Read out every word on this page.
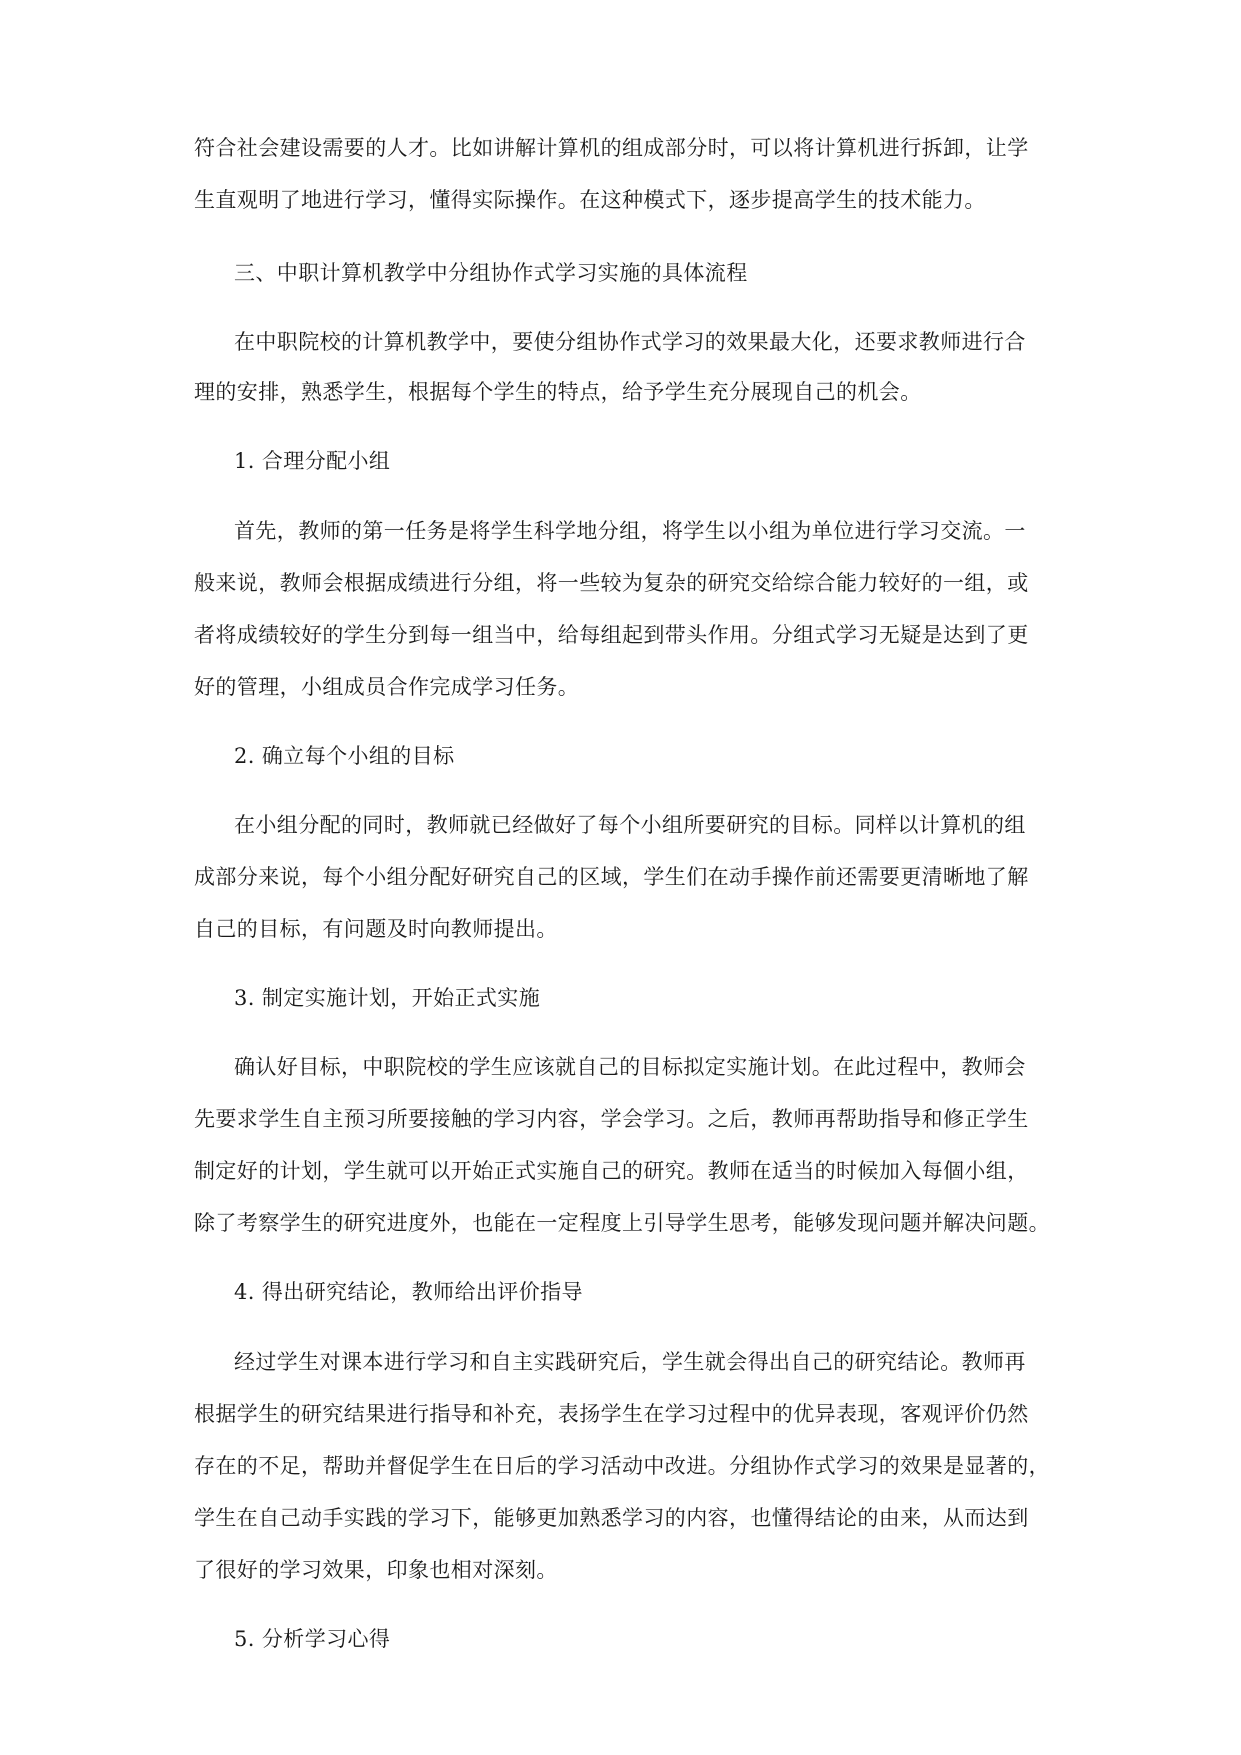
符合社会建设需要的人才。比如讲解计算机的组成部分时，可以将计算机进行拆卸，让学
生直观明了地进行学习，懂得实际操作。在这种模式下，逐步提高学生的技术能力。
三、中职计算机教学中分组协作式学习实施的具体流程
在中职院校的计算机教学中，要使分组协作式学习的效果最大化，还要求教师进行合
理的安排，熟悉学生，根据每个学生的特点，给予学生充分展现自己的机会。
1. 合理分配小组
首先，教师的第一任务是将学生科学地分组，将学生以小组为单位进行学习交流。一
般来说，教师会根据成绩进行分组，将一些较为复杂的研究交给综合能力较好的一组，或
者将成绩较好的学生分到每一组当中，给每组起到带头作用。分组式学习无疑是达到了更
好的管理，小组成员合作完成学习任务。
2. 确立每个小组的目标
在小组分配的同时，教师就已经做好了每个小组所要研究的目标。同样以计算机的组
成部分来说，每个小组分配好研究自己的区域，学生们在动手操作前还需要更清晰地了解
自己的目标，有问题及时向教师提出。
3. 制定实施计划，开始正式实施
确认好目标，中职院校的学生应该就自己的目标拟定实施计划。在此过程中，教师会
先要求学生自主预习所要接触的学习内容，学会学习。之后，教师再帮助指导和修正学生
制定好的计划，学生就可以开始正式实施自己的研究。教师在适当的时候加入每個小组，
除了考察学生的研究进度外，也能在一定程度上引导学生思考，能够发现问题并解决问题。
4. 得出研究结论，教师给出评价指导
经过学生对课本进行学习和自主实践研究后，学生就会得出自己的研究结论。教师再
根据学生的研究结果进行指导和补充，表扬学生在学习过程中的优异表现，客观评价仍然
存在的不足，帮助并督促学生在日后的学习活动中改进。分组协作式学习的效果是显著的，
学生在自己动手实践的学习下，能够更加熟悉学习的内容，也懂得结论的由来，从而达到
了很好的学习效果，印象也相对深刻。
5. 分析学习心得
